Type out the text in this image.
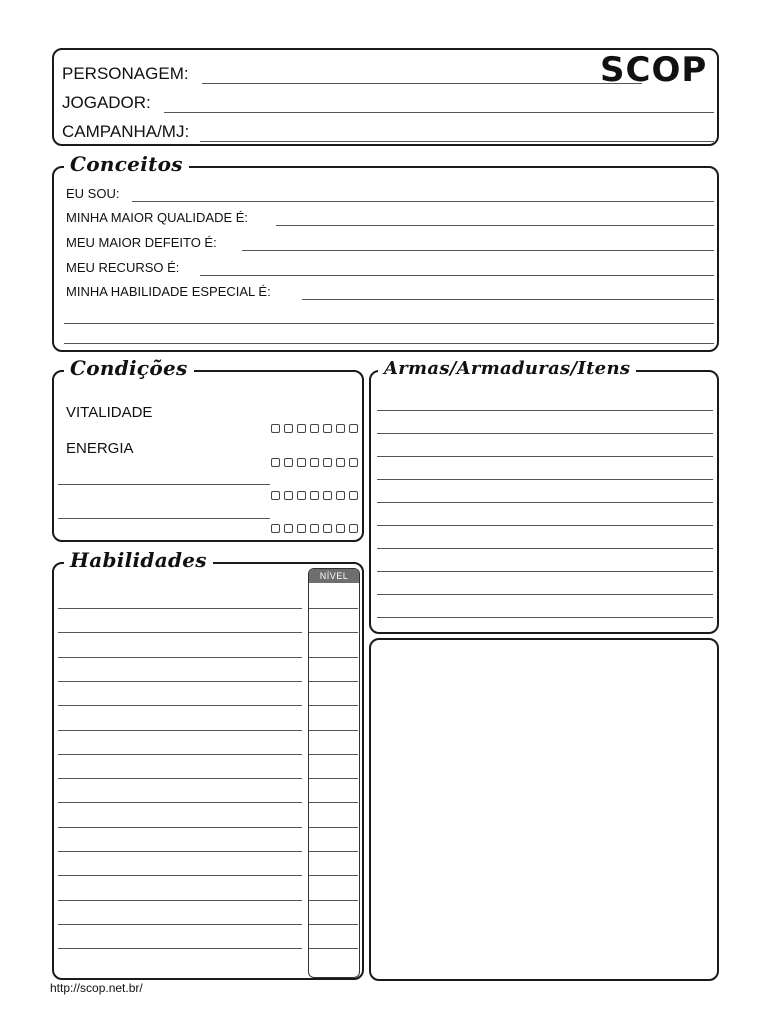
PERSONAGEM:	SCOP
JOGADOR:
CAMPANHA/MJ:
EU SOU:
MINHA MAIOR QUALIDADE É:
MEU MAIOR DEFEITO É:
MEU RECURSO É:
MINHA HABILIDADE ESPECIAL É:
Conceitos
VITALIDADE
ENERGIA
Condições	Armas/Armaduras/Itens
NÍVEL
Habilidades
http://scop.net.br/
